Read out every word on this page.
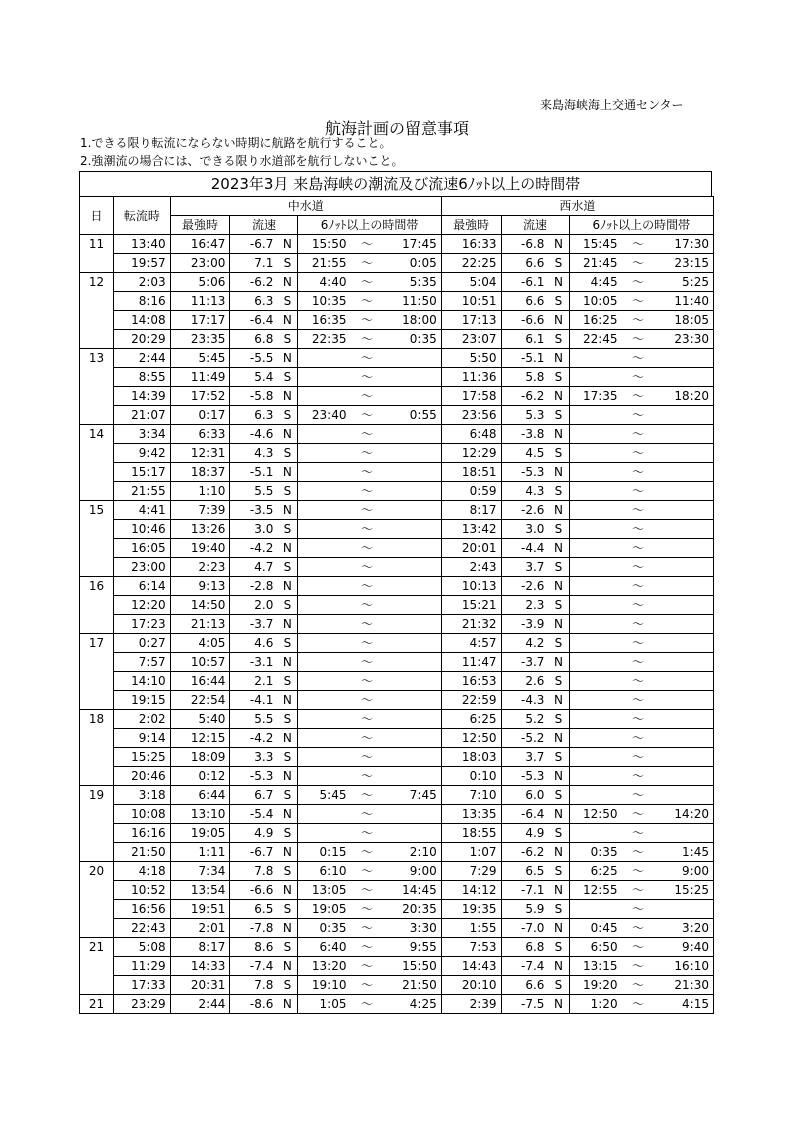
来島海峡海上交通センター
航海計画の留意事項
1.できる限り転流にならない時期に航路を航行すること。
2.強潮流の場合には、できる限り水道部を航行しないこと。
2023年3月 来島海峡の潮流及び流速6ﾉｯﾄ以上の時間帯
日	転流時	中水道						西水道					
		最強時	流速		6ﾉｯﾄ以上の時間帯			最強時	流速		6ﾉｯﾄ以上の時間帯		
11	13:40	16:47	-6.7	N	15:50	～	17:45	16:33	-6.8	N	15:45	～	17:30
	19:57	23:00	7.1	S	21:55	～	0:05	22:25	6.6	S	21:45	～	23:15
12	2:03	5:06	-6.2	N	4:40	～	5:35	5:04	-6.1	N	4:45	～	5:25
	8:16	11:13	6.3	S	10:35	～	11:50	10:51	6.6	S	10:05	～	11:40
	14:08	17:17	-6.4	N	16:35	～	18:00	17:13	-6.6	N	16:25	～	18:05
	20:29	23:35	6.8	S	22:35	～	0:35	23:07	6.1	S	22:45	～	23:30
13	2:44	5:45	-5.5	N		～		5:50	-5.1	N		～	
	8:55	11:49	5.4	S		～		11:36	5.8	S		～	
	14:39	17:52	-5.8	N		～		17:58	-6.2	N	17:35	～	18:20
	21:07	0:17	6.3	S	23:40	～	0:55	23:56	5.3	S		～	
14	3:34	6:33	-4.6	N		～		6:48	-3.8	N		～	
	9:42	12:31	4.3	S		～		12:29	4.5	S		～	
	15:17	18:37	-5.1	N		～		18:51	-5.3	N		～	
	21:55	1:10	5.5	S		～		0:59	4.3	S		～	
15	4:41	7:39	-3.5	N		～		8:17	-2.6	N		～	
	10:46	13:26	3.0	S		～		13:42	3.0	S		～	
	16:05	19:40	-4.2	N		～		20:01	-4.4	N		～	
	23:00	2:23	4.7	S		～		2:43	3.7	S		～	
16	6:14	9:13	-2.8	N		～		10:13	-2.6	N		～	
	12:20	14:50	2.0	S		～		15:21	2.3	S		～	
	17:23	21:13	-3.7	N		～		21:32	-3.9	N		～	
17	0:27	4:05	4.6	S		～		4:57	4.2	S		～	
	7:57	10:57	-3.1	N		～		11:47	-3.7	N		～	
	14:10	16:44	2.1	S		～		16:53	2.6	S		～	
	19:15	22:54	-4.1	N		～		22:59	-4.3	N		～	
18	2:02	5:40	5.5	S		～		6:25	5.2	S		～	
	9:14	12:15	-4.2	N		～		12:50	-5.2	N		～	
	15:25	18:09	3.3	S		～		18:03	3.7	S		～	
	20:46	0:12	-5.3	N		～		0:10	-5.3	N		～	
19	3:18	6:44	6.7	S	5:45	～	7:45	7:10	6.0	S		～	
	10:08	13:10	-5.4	N		～		13:35	-6.4	N	12:50	～	14:20
	16:16	19:05	4.9	S		～		18:55	4.9	S		～	
	21:50	1:11	-6.7	N	0:15	～	2:10	1:07	-6.2	N	0:35	～	1:45
20	4:18	7:34	7.8	S	6:10	～	9:00	7:29	6.5	S	6:25	～	9:00
	10:52	13:54	-6.6	N	13:05	～	14:45	14:12	-7.1	N	12:55	～	15:25
	16:56	19:51	6.5	S	19:05	～	20:35	19:35	5.9	S		～	
	22:43	2:01	-7.8	N	0:35	～	3:30	1:55	-7.0	N	0:45	～	3:20
21	5:08	8:17	8.6	S	6:40	～	9:55	7:53	6.8	S	6:50	～	9:40
	11:29	14:33	-7.4	N	13:20	～	15:50	14:43	-7.4	N	13:15	～	16:10
	17:33	20:31	7.8	S	19:10	～	21:50	20:10	6.6	S	19:20	～	21:30
21	23:29	2:44	-8.6	N	1:05	～	4:25	2:39	-7.5	N	1:20	～	4:15
